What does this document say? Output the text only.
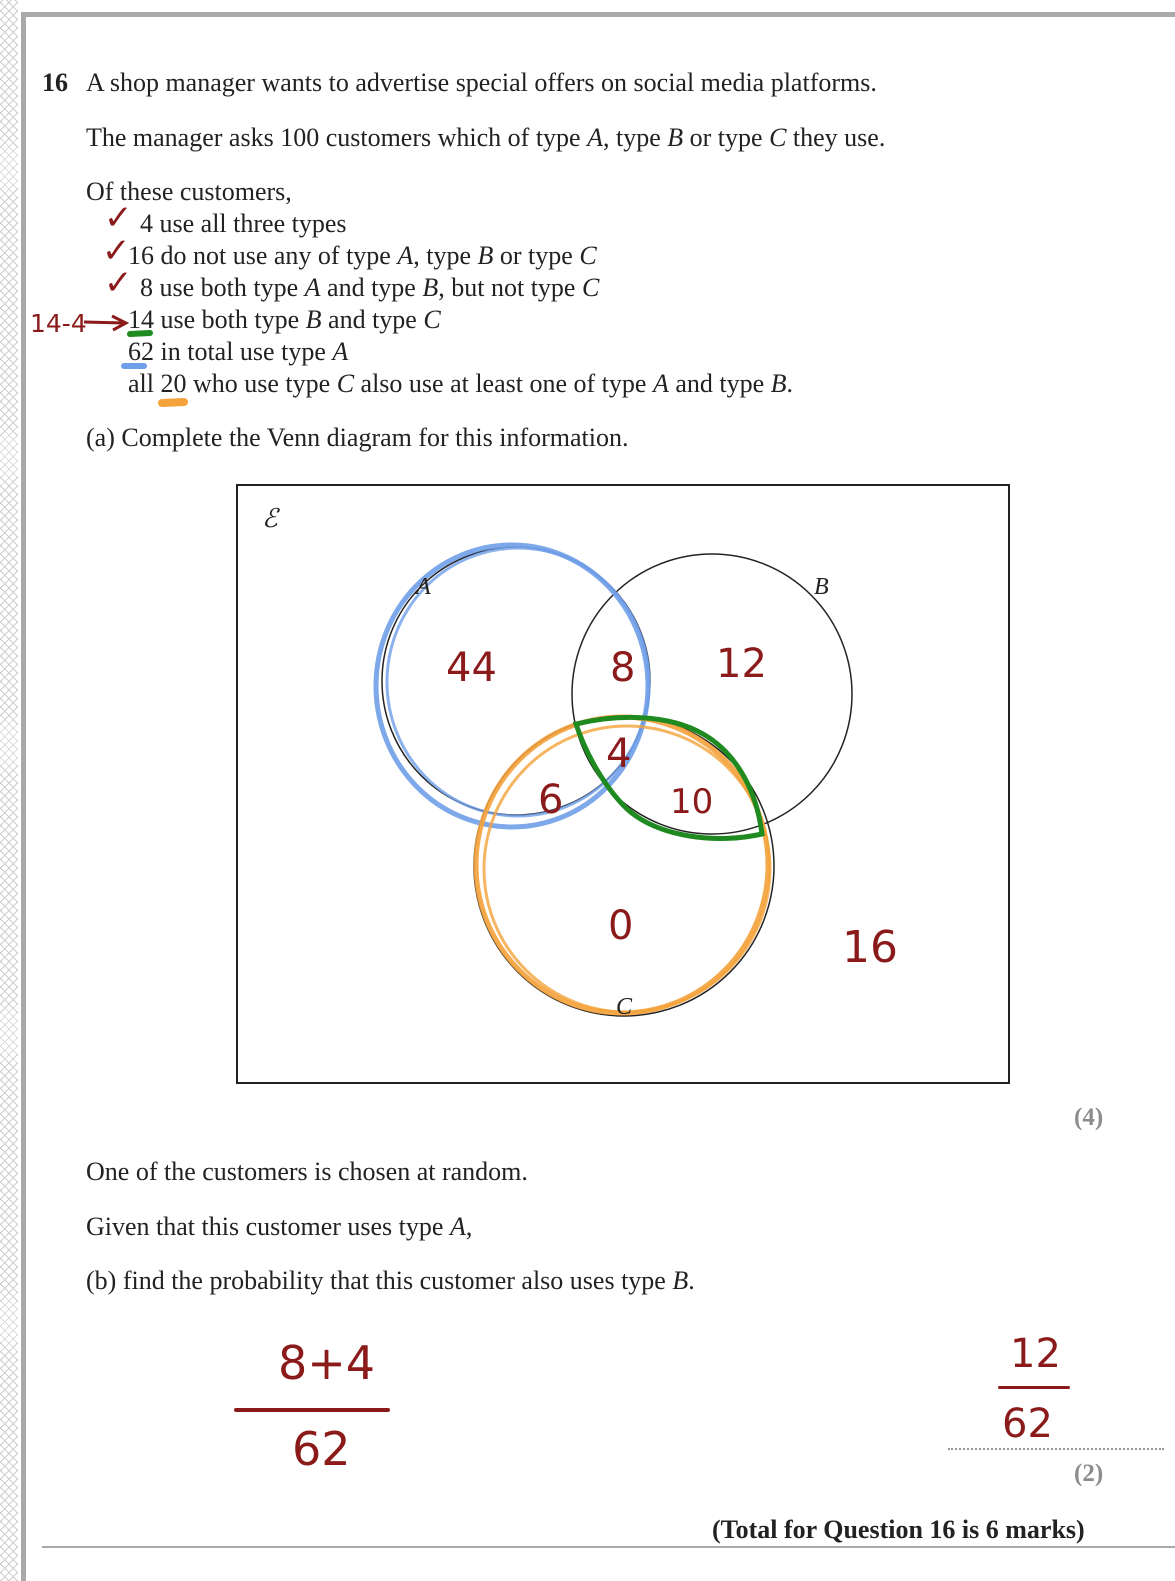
16 A shop manager wants to advertise special offers on social media platforms.
The manager asks 100 customers which of type A, type B or type C they use.
Of these customers,
4 use all three types
16 do not use any of type A, type B or type C
8 use both type A and type B, but not type C
14 use both type B and type C
62 in total use type A
all 20 who use type C also use at least one of type A and type B.
✓
✓
✓
14-4
(a) Complete the Venn diagram for this information.
ℰ
A	B
C
44	8 12
4
6	10
0	16
(4)
One of the customers is chosen at random.
Given that this customer uses type A,
(b) find the probability that this customer also uses type B.
8+4
62
12
62
(2)
(Total for Question 16 is 6 marks)
